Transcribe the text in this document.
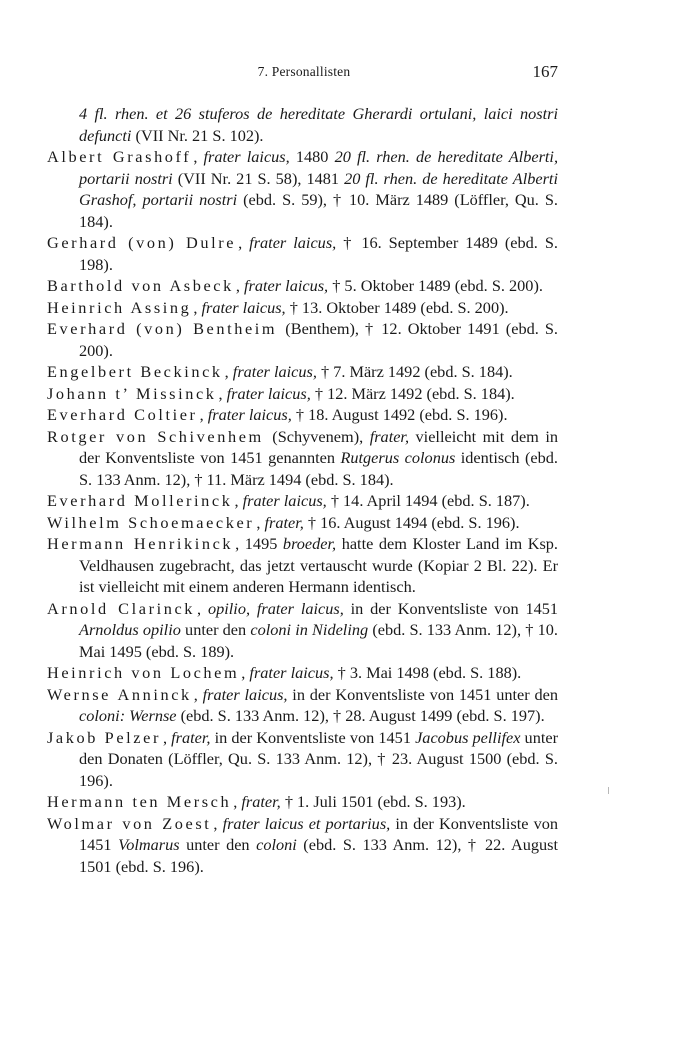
7. Personallisten	167

4 fl. rhen. et 26 stuferos de hereditate Gherardi ortulani, laici nostri defuncti (VII Nr. 21 S. 102).

Albert Grashoff , frater laicus, 1480 20 fl. rhen. de hereditate Alberti, portarii nostri (VII Nr. 21 S. 58), 1481 20 fl. rhen. de hereditate Alberti Grashof, portarii nostri (ebd. S. 59), † 10. März 1489 (Löffler, Qu. S. 184).

Gerhard (von) Dulre , frater laicus, † 16. September 1489 (ebd. S. 198).

Barthold von Asbeck , frater laicus, † 5. Oktober 1489 (ebd. S. 200).

Heinrich Assing , frater laicus, † 13. Oktober 1489 (ebd. S. 200).

Everhard (von) Bentheim (Benthem), † 12. Oktober 1491 (ebd. S. 200).

Engelbert Beckinck , frater laicus, † 7. März 1492 (ebd. S. 184).

Johann t’ Missinck , frater laicus, † 12. März 1492 (ebd. S. 184).

Everhard Coltier , frater laicus, † 18. August 1492 (ebd. S. 196).

Rotger von Schivenhem (Schyvenem), frater, vielleicht mit dem in der Konventsliste von 1451 genannten Rutgerus colonus identisch (ebd. S. 133 Anm. 12), † 11. März 1494 (ebd. S. 184).

Everhard Mollerinck , frater laicus, † 14. April 1494 (ebd. S. 187).

Wilhelm Schoemaecker , frater, † 16. August 1494 (ebd. S. 196).

Hermann Henrikinck , 1495 broeder, hatte dem Kloster Land im Ksp. Veldhausen zugebracht, das jetzt vertauscht wurde (Kopiar 2 Bl. 22). Er ist vielleicht mit einem anderen Hermann identisch.

Arnold Clarinck , opilio, frater laicus, in der Konventsliste von 1451 Arnoldus opilio unter den coloni in Nideling (ebd. S. 133 Anm. 12), † 10. Mai 1495 (ebd. S. 189).

Heinrich von Lochem , frater laicus, † 3. Mai 1498 (ebd. S. 188).

Wernse Anninck , frater laicus, in der Konventsliste von 1451 unter den coloni: Wernse (ebd. S. 133 Anm. 12), † 28. August 1499 (ebd. S. 197).

Jakob Pelzer , frater, in der Konventsliste von 1451 Jacobus pellifex unter den Donaten (Löffler, Qu. S. 133 Anm. 12), † 23. August 1500 (ebd. S. 196).

Hermann ten Mersch , frater, † 1. Juli 1501 (ebd. S. 193).

Wolmar von Zoest , frater laicus et portarius, in der Konventsliste von 1451 Volmarus unter den coloni (ebd. S. 133 Anm. 12), † 22. August 1501 (ebd. S. 196).
